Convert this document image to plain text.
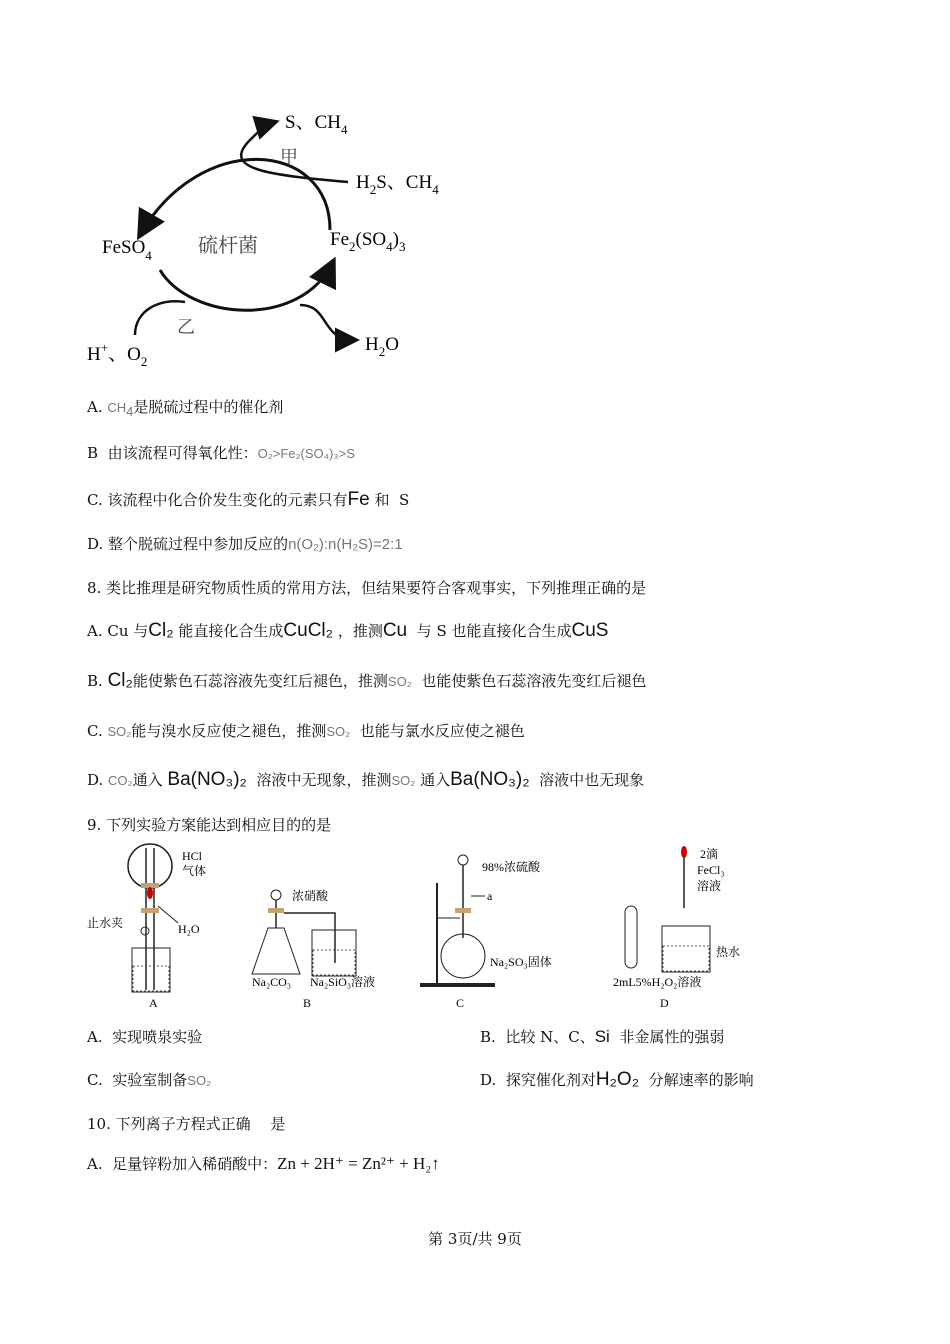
S、$CH_4$
甲
$H_2S$、$CH_4$
FeSO$_4$ 硫杆菌	$Fe_2(SO_4)_3$
乙
H+、$O_2$
$H_2O$
A. $CH_4$是脱硫过程中的催化剂
B 由该流程可得氧化性：O₂>Fe₂(SO₄)₃>S
C. 该流程中化合价发生变化的元素只有Fe 和 S
D. 整个脱硫过程中参加反应的n(O₂):n(H₂S)=2:1
8. 类比推理是研究物质性质的常用方法，但结果要符合客观事实，下列推理正确的是
A. Cu 与Cl₂ 能直接化合生成CuCl₂ ，推测Cu 与 S 也能直接化合生成CuS
B. Cl₂能使紫色石蕊溶液先变红后褪色，推测SO₂ 也能使紫色石蕊溶液先变红后褪色
C. SO₂能与溴水反应使之褪色，推测SO₂ 也能与氯水反应使之褪色
D. CO₂通入 Ba(NO₃)₂ 溶液中无现象，推测SO₂ 通入Ba(NO₃)₂ 溶液中也无现象
9. 下列实验方案能达到相应目的的是
HCl
气体
H₂O
止水夹
A
浓硝酸
Na₂CO₃ Na₂SiO₃溶液
B
98%浓硫酸
a
Na₂SO₃固体
C
2滴
FeCl₃
溶液
热水
2mL5%H₂O₂溶液
D
A. 实现喷泉实验	B. 比较 N、C、Si 非金属性的强弱
C. 实验室制备SO₂	D. 探究催化剂对H₂O₂ 分解速率的影响
10. 下列离子方程式正确　 是
A. 足量锌粉加入稀硝酸中：Zn + 2H⁺ = Zn²⁺ + H₂↑
第 3页/共 9页
